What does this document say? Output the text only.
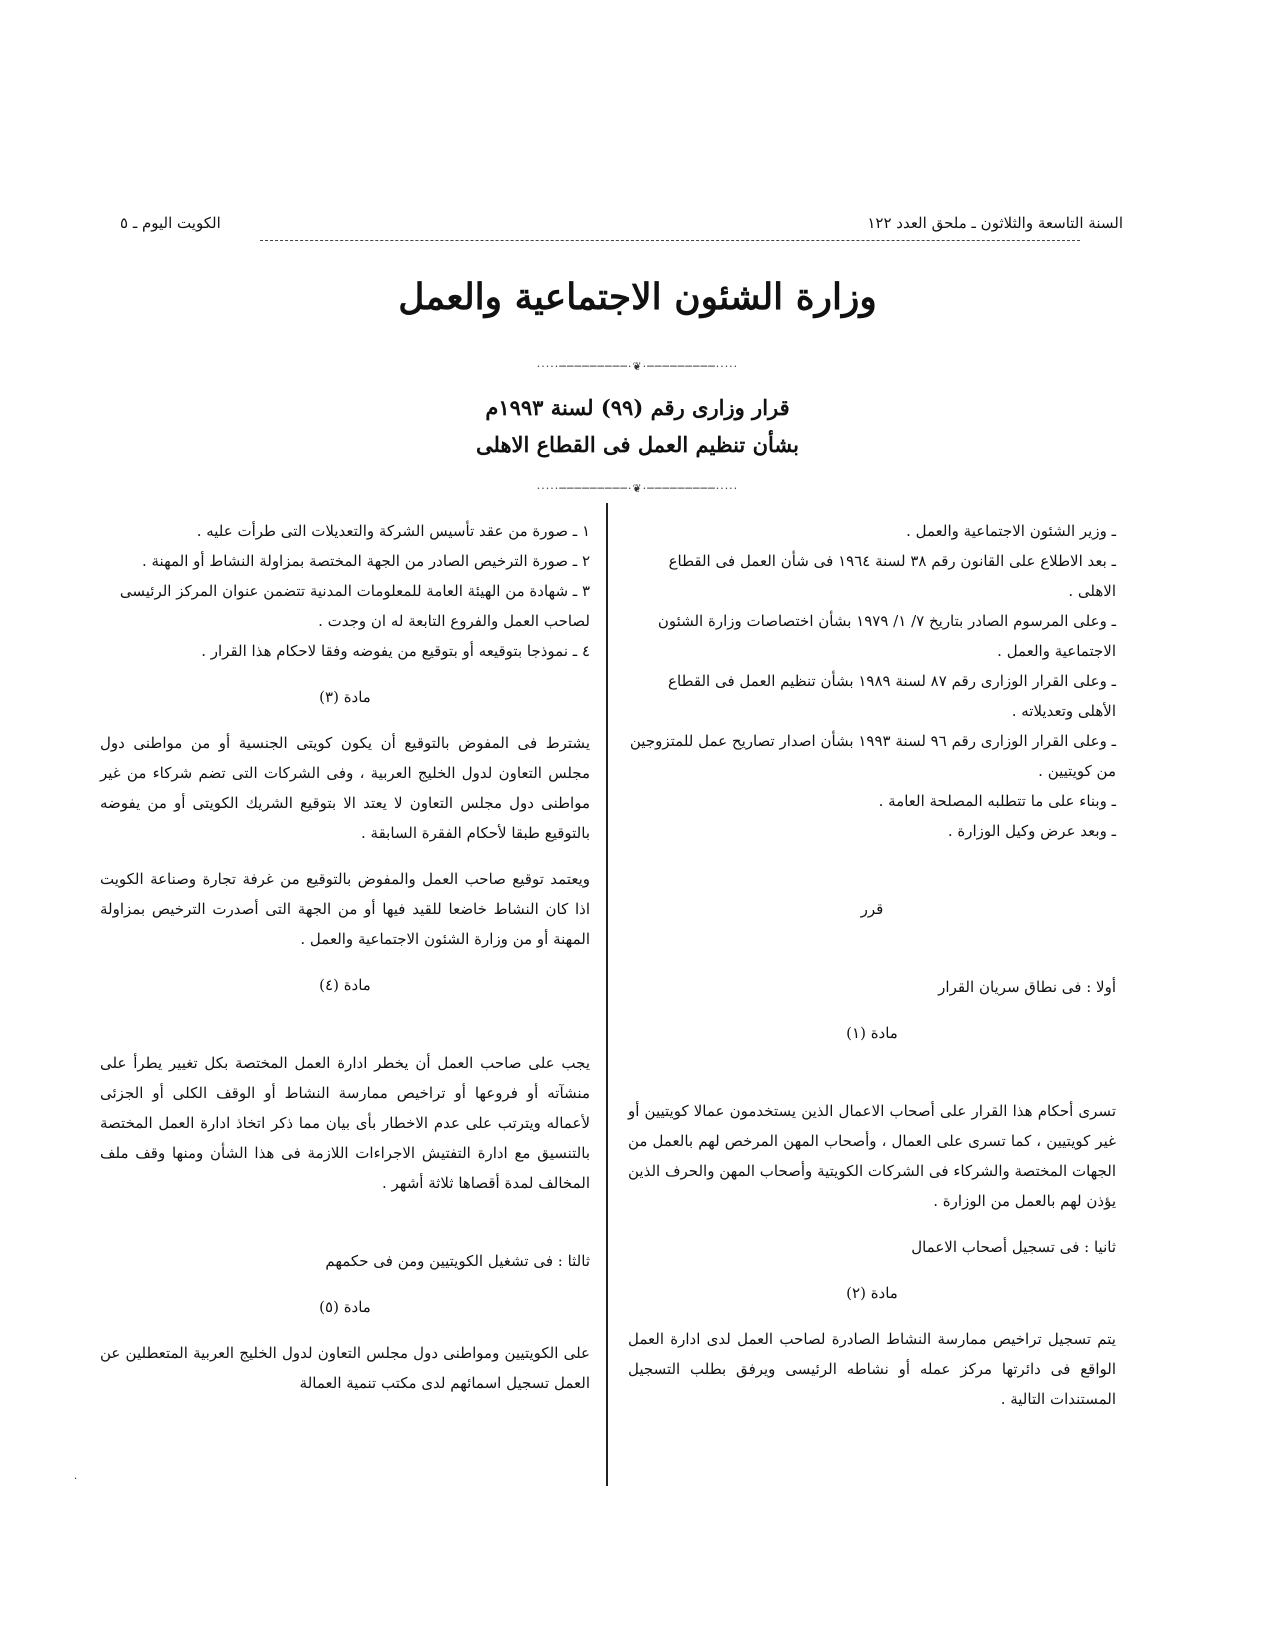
السنة التاسعة والثلاثون ـ ملحق العدد ١٢٢
الكويت اليوم ـ ٥
وزارة الشئون الاجتماعية والعمل
·····─────────·❦·─────────·····
قرار وزارى رقم (٩٩) لسنة ١٩٩٣م
بشأن تنظيم العمل فى القطاع الاهلى
·····─────────·❦·─────────·····

ـ وزير الشئون الاجتماعية والعمل .

ـ بعد الاطلاع على القانون رقم ٣٨ لسنة ١٩٦٤ فى شأن العمل فى القطاع الاهلى .

ـ وعلى المرسوم الصادر بتاريخ ٧/ ١/ ١٩٧٩ بشأن اختصاصات وزارة الشئون الاجتماعية والعمل .

ـ وعلى القرار الوزارى رقم ٨٧ لسنة ١٩٨٩ بشأن تنظيم العمل فى القطاع الأهلى وتعديلاته .

ـ وعلى القرار الوزارى رقم ٩٦ لسنة ١٩٩٣ بشأن اصدار تصاريح عمل للمتزوجين من كويتيين .

ـ وبناء على ما تتطلبه المصلحة العامة .

ـ وبعد عرض وكيل الوزارة .

قرر

أولا : فى نطاق سريان القرار

مادة (١)

تسرى أحكام هذا القرار على أصحاب الاعمال الذين يستخدمون عمالا كويتيين أو غير كويتيين ، كما تسرى على العمال ، وأصحاب المهن المرخص لهم بالعمل من الجهات المختصة والشركاء فى الشركات الكويتية وأصحاب المهن والحرف الذين يؤذن لهم بالعمل من الوزارة .

ثانيا : فى تسجيل أصحاب الاعمال

مادة (٢)

يتم تسجيل تراخيص ممارسة النشاط الصادرة لصاحب العمل لدى ادارة العمل الواقع فى دائرتها مركز عمله أو نشاطه الرئيسى ويرفق بطلب التسجيل المستندات التالية .

١ ـ صورة من عقد تأسيس الشركة والتعديلات التى طرأت عليه .

٢ ـ صورة الترخيص الصادر من الجهة المختصة بمزاولة النشاط أو المهنة .

٣ ـ شهادة من الهيئة العامة للمعلومات المدنية تتضمن عنوان المركز الرئيسى لصاحب العمل والفروع التابعة له ان وجدت .

٤ ـ نموذجا بتوقيعه أو بتوقيع من يفوضه وفقا لاحكام هذا القرار .

مادة (٣)

يشترط فى المفوض بالتوقيع أن يكون كويتى الجنسية أو من مواطنى دول مجلس التعاون لدول الخليج العربية ، وفى الشركات التى تضم شركاء من غير مواطنى دول مجلس التعاون لا يعتد الا بتوقيع الشريك الكويتى أو من يفوضه بالتوقيع طبقا لأحكام الفقرة السابقة .

ويعتمد توقيع صاحب العمل والمفوض بالتوقيع من غرفة تجارة وصناعة الكويت اذا كان النشاط خاضعا للقيد فيها أو من الجهة التى أصدرت الترخيص بمزاولة المهنة أو من وزارة الشئون الاجتماعية والعمل .

مادة (٤)

يجب على صاحب العمل أن يخطر ادارة العمل المختصة بكل تغيير يطرأ على منشآته أو فروعها أو تراخيص ممارسة النشاط أو الوقف الكلى أو الجزئى لأعماله ويترتب على عدم الاخطار بأى بيان مما ذكر اتخاذ ادارة العمل المختصة بالتنسيق مع ادارة التفتيش الاجراءات اللازمة فى هذا الشأن ومنها وقف ملف المخالف لمدة أقصاها ثلاثة أشهر .

ثالثا : فى تشغيل الكويتيين ومن فى حكمهم

مادة (٥)

على الكويتيين ومواطنى دول مجلس التعاون لدول الخليج العربية المتعطلين عن العمل تسجيل اسمائهم لدى مكتب تنمية العمالة

·
